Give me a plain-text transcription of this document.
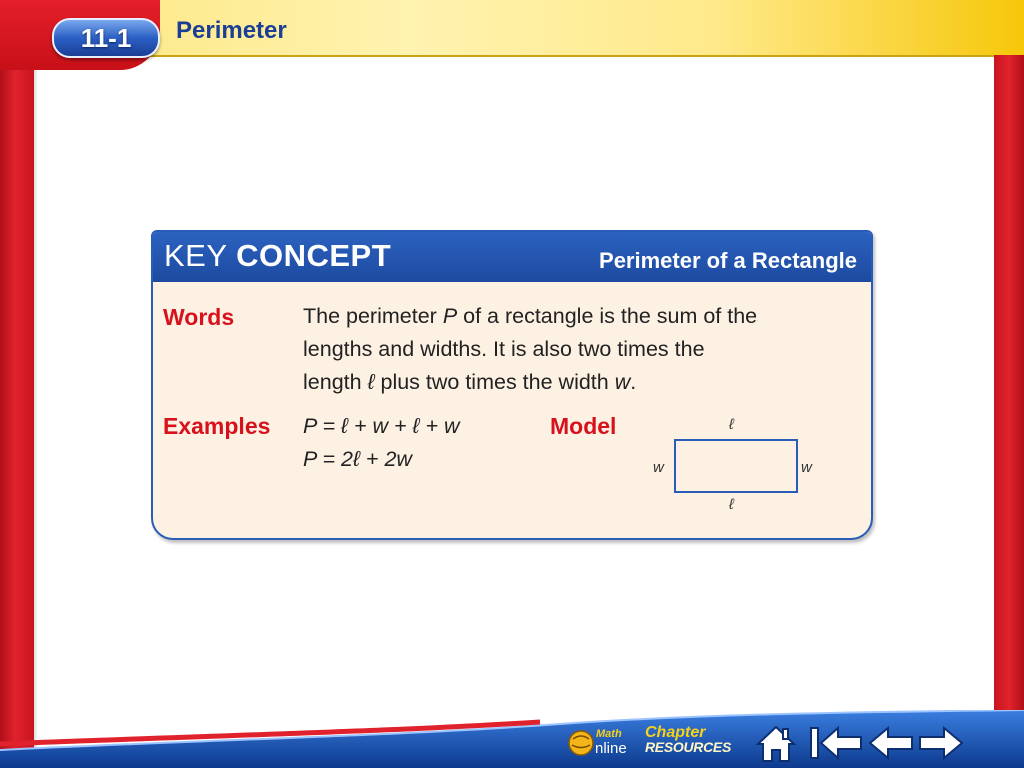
11-1	Perimeter
KEY CONCEPT	Perimeter of a Rectangle
Words	The perimeter P of a rectangle is the sum of the
lengths and widths. It is also two times the
length ℓ plus two times the width w.
Examples P = ℓ + w + ℓ + w
P = 2ℓ + 2w
Model	ℓ
ℓ
w	w
Math
nline
Chapter
RESOURCES
